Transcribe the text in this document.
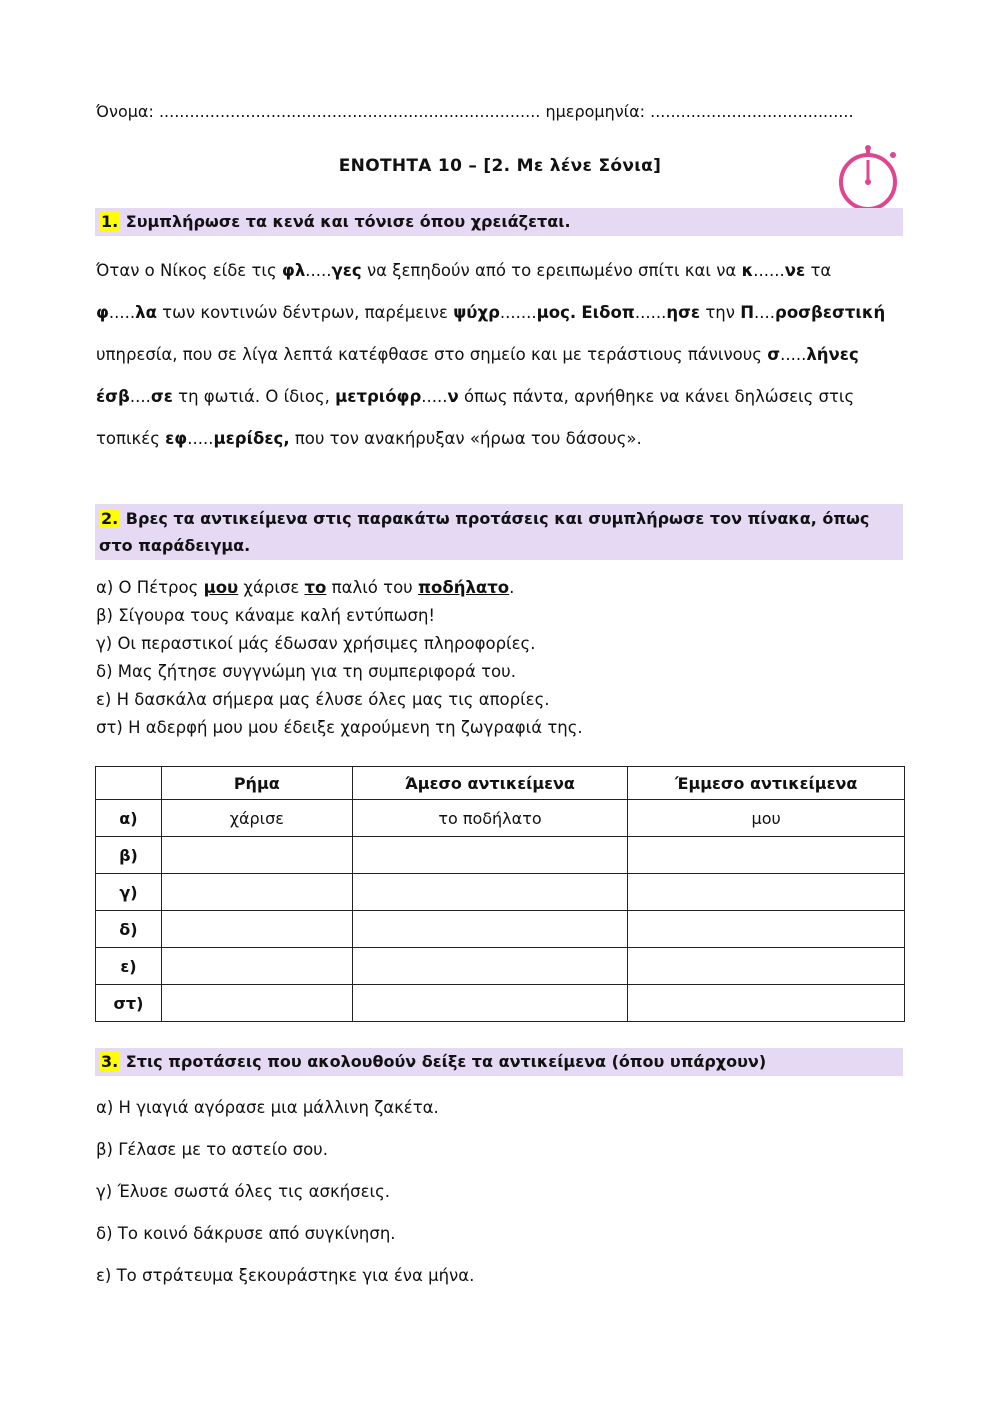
Όνομα: ........................................................................... ημερομηνία: ........................................
ΕΝΟΤΗΤΑ 10 – [2. Με λένε Σόνια]
1. Συμπλήρωσε τα κενά και τόνισε όπου χρειάζεται.
Όταν ο Νίκος είδε τις φλ.....γες να ξεπηδούν από το ερειπωμένο σπίτι και να κ......νε τα
φ.....λα των κοντινών δέντρων, παρέμεινε ψύχρ.......μος. Ειδοπ......ησε την Π....ροσβεστική
υπηρεσία, που σε λίγα λεπτά κατέφθασε στο σημείο και με τεράστιους πάνινους σ.....λήνες
έσβ....σε τη φωτιά. Ο ίδιος, μετριόφρ.....ν όπως πάντα, αρνήθηκε να κάνει δηλώσεις στις
τοπικές εφ.....μερίδες, που τον ανακήρυξαν «ήρωα του δάσους».
2. Βρες τα αντικείμενα στις παρακάτω προτάσεις και συμπλήρωσε τον πίνακα, όπως
στο παράδειγμα.
α) Ο Πέτρος μου χάρισε το παλιό του ποδήλατο.
β) Σίγουρα τους κάναμε καλή εντύπωση!
γ) Οι περαστικοί μάς έδωσαν χρήσιμες πληροφορίες.
δ) Μας ζήτησε συγγνώμη για τη συμπεριφορά του.
ε) Η δασκάλα σήμερα μας έλυσε όλες μας τις απορίες.
στ) Η αδερφή μου μου έδειξε χαρούμενη τη ζωγραφιά της.
	Ρήμα	Άμεσο αντικείμενα	Έμμεσο αντικείμενα
α)	χάρισε	το ποδήλατο	μου
β)			
γ)			
δ)			
ε)			
στ)			
3. Στις προτάσεις που ακολουθούν δείξε τα αντικείμενα (όπου υπάρχουν)
α) Η γιαγιά αγόρασε μια μάλλινη ζακέτα.
β) Γέλασε με το αστείο σου.
γ) Έλυσε σωστά όλες τις ασκήσεις.
δ) Το κοινό δάκρυσε από συγκίνηση.
ε) Το στράτευμα ξεκουράστηκε για ένα μήνα.
